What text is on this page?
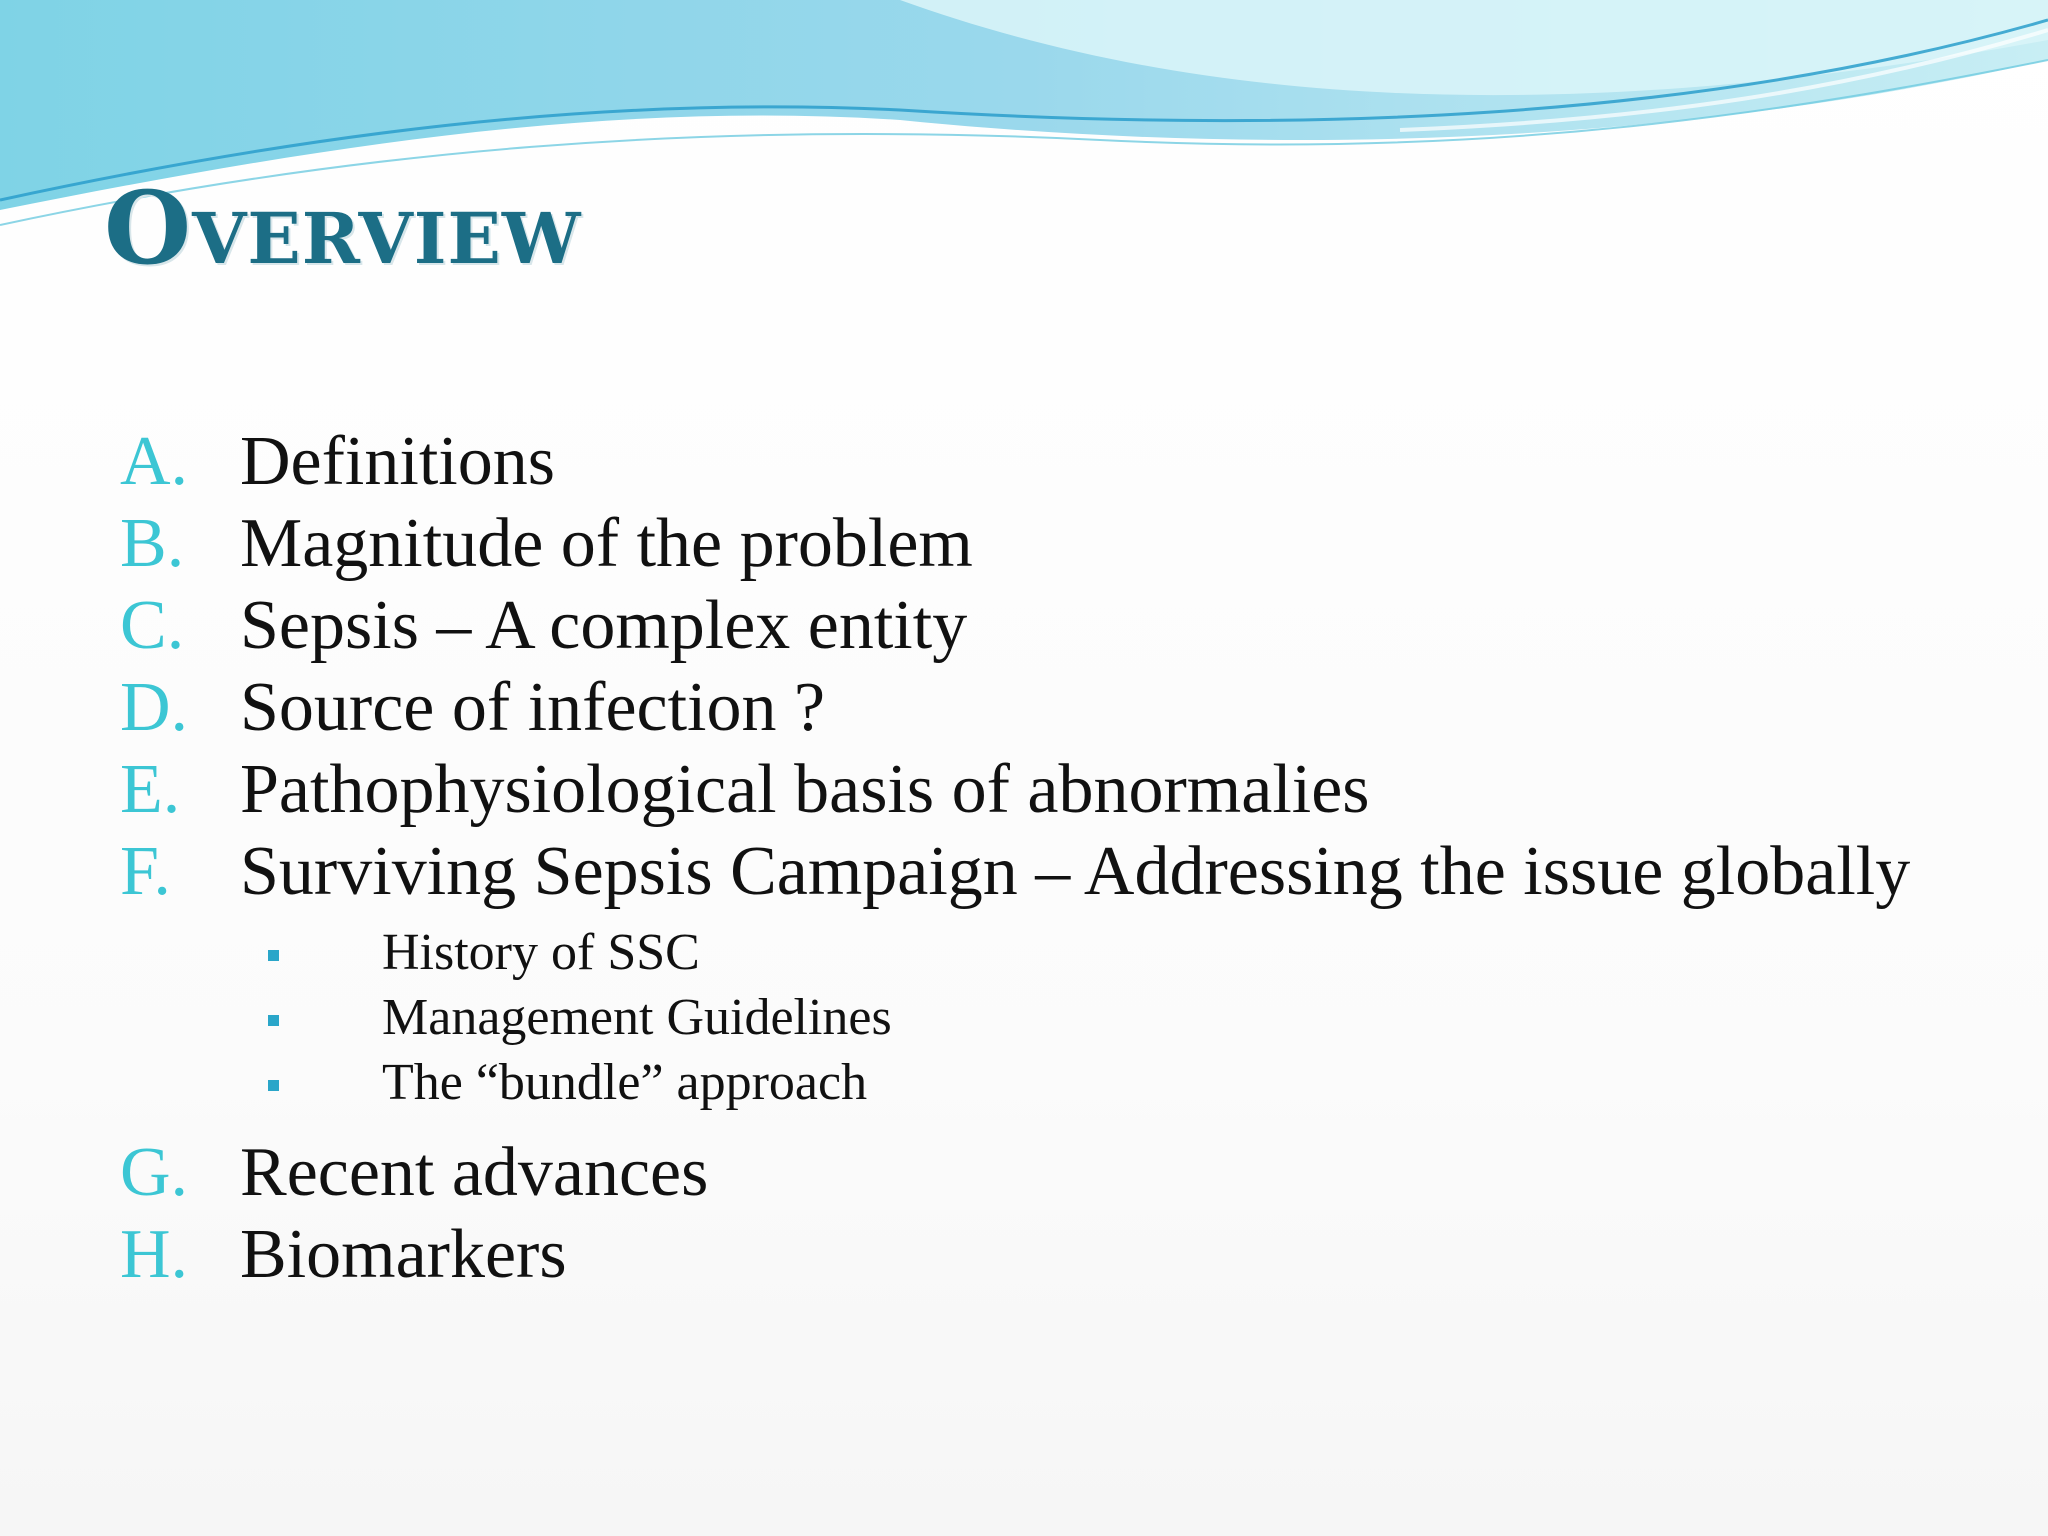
Overview
A. Definitions
B. Magnitude of the problem
C. Sepsis – A complex entity
D. Source of infection ?
E. Pathophysiological basis of abnormalies
F. Surviving Sepsis Campaign – Addressing the issue globally
History of SSC
Management Guidelines
The “bundle” approach
G. Recent advances
H. Biomarkers
